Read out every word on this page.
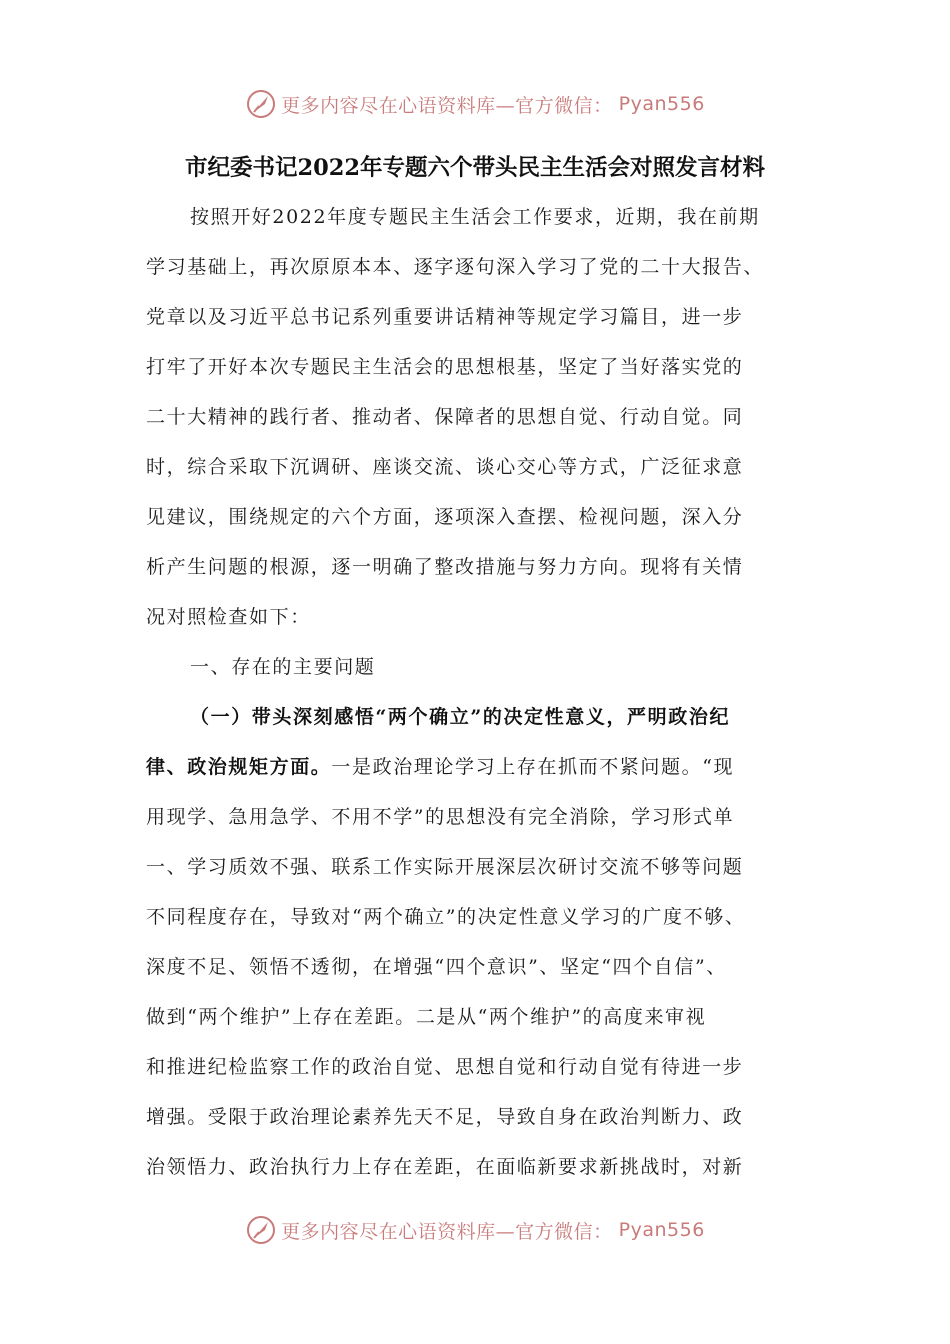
更多内容尽在心语资料库—官方微信： Pyan556
市纪委书记2022年专题六个带头民主生活会对照发言材料
按照开好2022年度专题民主生活会工作要求，近期，我在前期
学习基础上，再次原原本本、逐字逐句深入学习了党的二十大报告、
党章以及习近平总书记系列重要讲话精神等规定学习篇目，进一步
打牢了开好本次专题民主生活会的思想根基，坚定了当好落实党的
二十大精神的践行者、推动者、保障者的思想自觉、行动自觉。同
时，综合采取下沉调研、座谈交流、谈心交心等方式，广泛征求意
见建议，围绕规定的六个方面，逐项深入查摆、检视问题，深入分
析产生问题的根源，逐一明确了整改措施与努力方向。现将有关情
况对照检查如下：
一、存在的主要问题
（一）带头深刻感悟“两个确立”的决定性意义，严明政治纪
律、政治规矩方面。一是政治理论学习上存在抓而不紧问题。“现
用现学、急用急学、不用不学”的思想没有完全消除，学习形式单
一、学习质效不强、联系工作实际开展深层次研讨交流不够等问题
不同程度存在，导致对“两个确立”的决定性意义学习的广度不够、
深度不足、领悟不透彻，在增强“四个意识”、坚定“四个自信”、
做到“两个维护”上存在差距。二是从“两个维护”的高度来审视
和推进纪检监察工作的政治自觉、思想自觉和行动自觉有待进一步
增强。受限于政治理论素养先天不足，导致自身在政治判断力、政
治领悟力、政治执行力上存在差距，在面临新要求新挑战时，对新
更多内容尽在心语资料库—官方微信： Pyan556
